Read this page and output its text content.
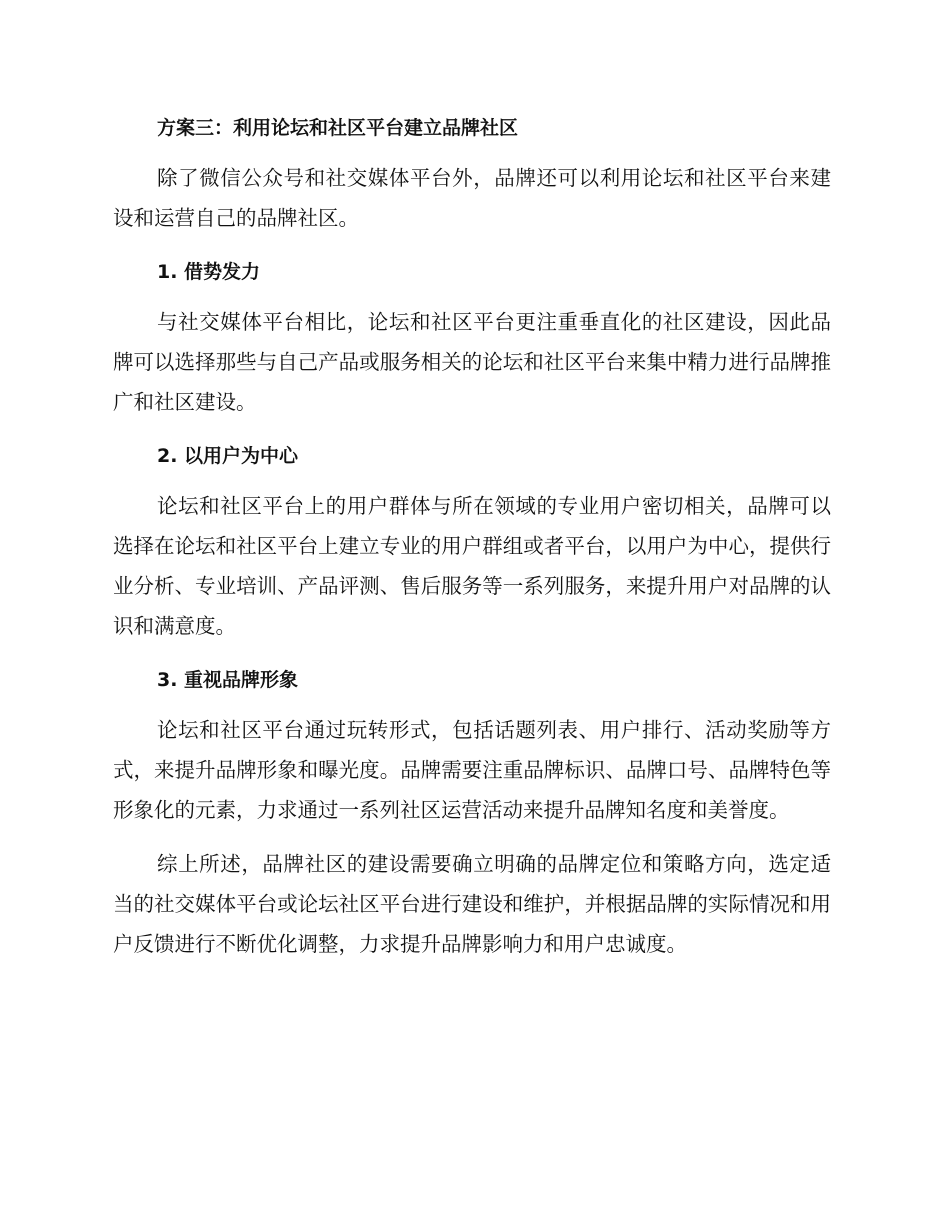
方案三：利用论坛和社区平台建立品牌社区

除了微信公众号和社交媒体平台外，品牌还可以利用论坛和社区平台来建设和运营自己的品牌社区。

1. 借势发力

与社交媒体平台相比，论坛和社区平台更注重垂直化的社区建设，因此品牌可以选择那些与自己产品或服务相关的论坛和社区平台来集中精力进行品牌推广和社区建设。

2. 以用户为中心

论坛和社区平台上的用户群体与所在领域的专业用户密切相关，品牌可以选择在论坛和社区平台上建立专业的用户群组或者平台，以用户为中心，提供行业分析、专业培训、产品评测、售后服务等一系列服务，来提升用户对品牌的认识和满意度。

3. 重视品牌形象

论坛和社区平台通过玩转形式，包括话题列表、用户排行、活动奖励等方式，来提升品牌形象和曝光度。品牌需要注重品牌标识、品牌口号、品牌特色等形象化的元素，力求通过一系列社区运营活动来提升品牌知名度和美誉度。

综上所述，品牌社区的建设需要确立明确的品牌定位和策略方向，选定适当的社交媒体平台或论坛社区平台进行建设和维护，并根据品牌的实际情况和用户反馈进行不断优化调整，力求提升品牌影响力和用户忠诚度。
